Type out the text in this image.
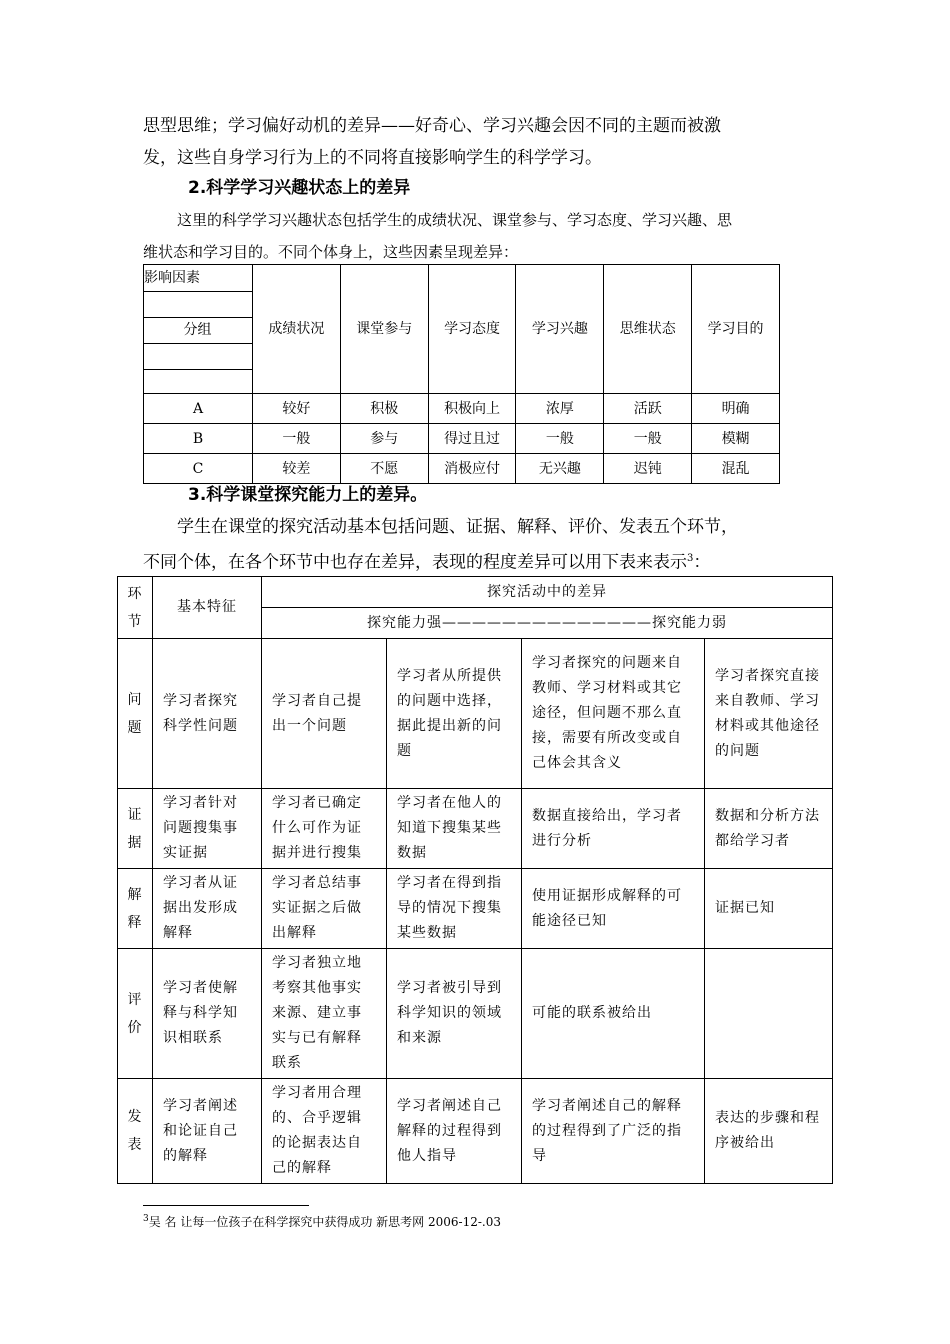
思型思维；学习偏好动机的差异——好奇心、学习兴趣会因不同的主题而被激
发，这些自身学习行为上的不同将直接影响学生的科学学习。
2.科学学习兴趣状态上的差异
这里的科学学习兴趣状态包括学生的成绩状况、课堂参与、学习态度、学习兴趣、思
维状态和学习目的。不同个体身上，这些因素呈现差异：
影响因素
分组	成绩状况	课堂参与	学习态度	学习兴趣	思维状态	学习目的
A	较好	积极	积极向上	浓厚	活跃	明确
B	一般	参与	得过且过	一般	一般	模糊
C	较差	不愿	消极应付	无兴趣	迟钝	混乱
3.科学课堂探究能力上的差异。
学生在课堂的探究活动基本包括问题、证据、解释、评价、发表五个环节，
不同个体，在各个环节中也存在差异，表现的程度差异可以用下表来表示$^3$：
环
节	基本特征	探究活动中的差异			
		探究能力强——————————————探究能力弱			

问
题	学习者探究科学性问题	学习者自己提出一个问题	学习者从所提供的问题中选择，据此提出新的问题	学习者探究的问题来自教师、学习材料或其它途径，但问题不那么直接，需要有所改变或自己体会其含义	学习者探究直接来自教师、学习材料或其他途径的问题

证
据	学习者针对问题搜集事实证据	学习者已确定什么可作为证据并进行搜集	学习者在他人的知道下搜集某些数据	数据直接给出，学习者进行分析	数据和分析方法都给学习者

解
释	学习者从证据出发形成解释	学习者总结事实证据之后做出解释	学习者在得到指导的情况下搜集某些数据	使用证据形成解释的可能途径已知	证据已知

评
价	学习者使解释与科学知识相联系	学习者独立地考察其他事实来源、建立事实与已有解释联系	学习者被引导到科学知识的领域和来源	可能的联系被给出	

发
表	学习者阐述和论证自己的解释	学习者用合理的、合乎逻辑的论据表达自己的解释	学习者阐述自己解释的过程得到他人指导	学习者阐述自己的解释的过程得到了广泛的指导	表达的步骤和程序被给出
$^3$吴 名 让每一位孩子在科学探究中获得成功 新思考网 2006-12-.03
